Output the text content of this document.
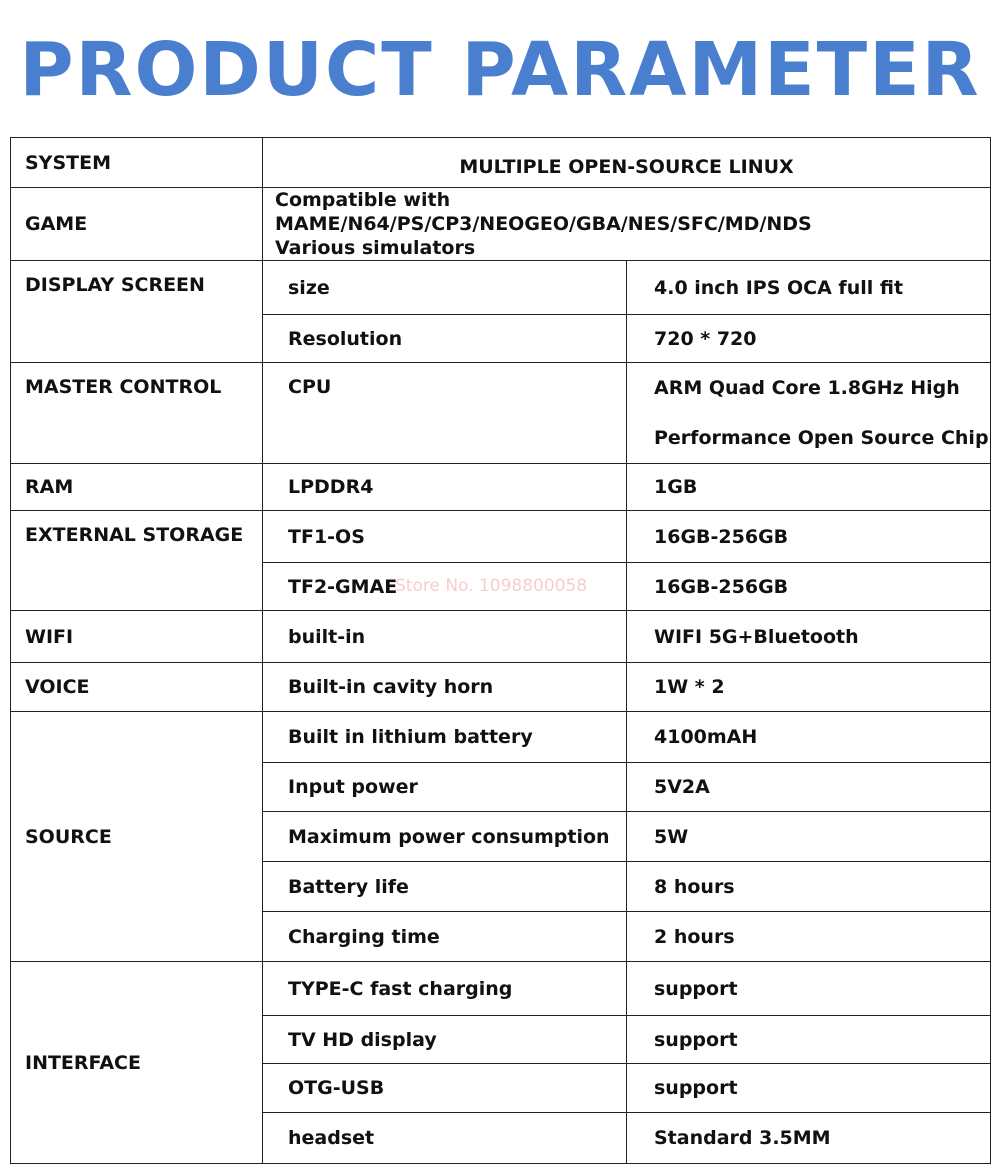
PRODUCT PARAMETER
SYSTEM	MULTIPLE OPEN-SOURCE LINUX	
GAME	Compatible with MAME/N64/PS/CP3/NEOGEO/GBA/NES/SFC/MD/NDS
Various simulators	

DISPLAY SCREEN	size	4.0 inch IPS OCA full fit
	Resolution	720 * 720
MASTER CONTROL	CPU	ARM Quad Core 1.8GHz High
Performance Open Source Chip

RAM	LPDDR4	1GB
EXTERNAL STORAGE	TF1-OS	16GB-256GB
	TF2-GMAE	16GB-256GB
WIFI	built-in	WIFI 5G+Bluetooth
VOICE	Built-in cavity horn	1W * 2
SOURCE	Built in lithium battery	4100mAH
	Input power	5V2A
	Maximum power consumption	5W
	Battery life	8 hours
	Charging time	2 hours
INTERFACE	TYPE-C fast charging	support
	TV HD display	support
	OTG-USB	support
	headset	Standard 3.5MM
Store No. 1098800058
